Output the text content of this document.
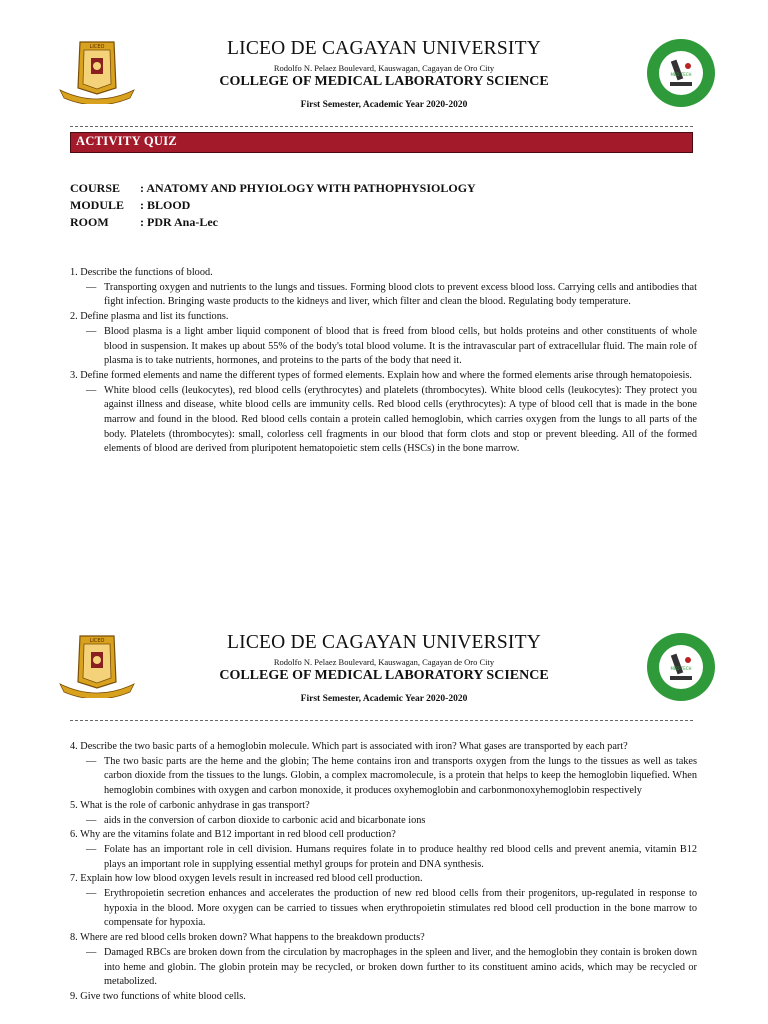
LICEO	LICEO DE CAGAYAN UNIVERSITY
Rodolfo N. Pelaez Boulevard, Kauswagan, Cagayan de Oro City
COLLEGE OF MEDICAL LABORATORY SCIENCE
First Semester, Academic Year 2020-2020
MED TECH
ACTIVITY QUIZ
COURSE : ANATOMY AND PHYIOLOGY WITH PATHOPHYSIOLOGY
MODULE : BLOOD
ROOM	: PDR Ana-Lec

1. Describe the functions of blood.

— Transporting oxygen and nutrients to the lungs and tissues. Forming blood clots to prevent excess blood loss. Carrying cells and antibodies that fight infection. Bringing waste products to the kidneys and liver, which filter and clean the blood. Regulating body temperature.

2. Define plasma and list its functions.

— Blood plasma is a light amber liquid component of blood that is freed from blood cells, but holds proteins and other constituents of whole blood in suspension. It makes up about 55% of the body's total blood volume. It is the intravascular part of extracellular fluid. The main role of plasma is to take nutrients, hormones, and proteins to the parts of the body that need it.

3. Define formed elements and name the different types of formed elements. Explain how and where the formed elements arise through hematopoiesis.

— White blood cells (leukocytes), red blood cells (erythrocytes) and platelets (thrombocytes). White blood cells (leukocytes): They protect you against illness and disease, white blood cells are immunity cells. Red blood cells (erythrocytes): A type of blood cell that is made in the bone marrow and found in the blood. Red blood cells contain a protein called hemoglobin, which carries oxygen from the lungs to all parts of the body. Platelets (thrombocytes): small, colorless cell fragments in our blood that form clots and stop or prevent bleeding. All of the formed elements of blood are derived from pluripotent hematopoietic stem cells (HSCs) in the bone marrow.

LICEO	LICEO DE CAGAYAN UNIVERSITY
Rodolfo N. Pelaez Boulevard, Kauswagan, Cagayan de Oro City
COLLEGE OF MEDICAL LABORATORY SCIENCE
First Semester, Academic Year 2020-2020
MED TECH

4. Describe the two basic parts of a hemoglobin molecule. Which part is associated with iron? What gases are transported by each part?

— The two basic parts are the heme and the globin; The heme contains iron and transports oxygen from the lungs to the tissues as well as takes carbon dioxide from the tissues to the lungs. Globin, a complex macromolecule, is a protein that helps to keep the hemoglobin liquefied. When hemoglobin combines with oxygen and carbon monoxide, it produces oxyhemoglobin and carbonmonoxyhemoglobin respectively

5. What is the role of carbonic anhydrase in gas transport?

— aids in the conversion of carbon dioxide to carbonic acid and bicarbonate ions

6. Why are the vitamins folate and B12 important in red blood cell production?

— Folate has an important role in cell division. Humans requires folate in to produce healthy red blood cells and prevent anemia, vitamin B12 plays an important role in supplying essential methyl groups for protein and DNA synthesis.

7. Explain how low blood oxygen levels result in increased red blood cell production.

— Erythropoietin secretion enhances and accelerates the production of new red blood cells from their progenitors, up-regulated in response to hypoxia in the blood. More oxygen can be carried to tissues when erythropoietin stimulates red blood cell production in the bone marrow to compensate for hypoxia.

8. Where are red blood cells broken down? What happens to the breakdown products?

— Damaged RBCs are broken down from the circulation by macrophages in the spleen and liver, and the hemoglobin they contain is broken down into heme and globin. The globin protein may be recycled, or broken down further to its constituent amino acids, which may be recycled or metabolized.

9. Give two functions of white blood cells.
